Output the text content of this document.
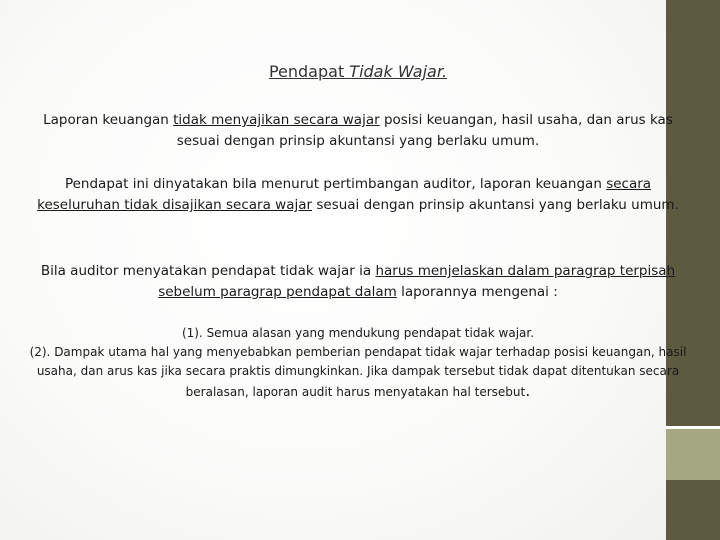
Pendapat Tidak Wajar.

Laporan keuangan tidak menyajikan secara wajar posisi keuangan, hasil usaha, dan arus kas sesuai dengan prinsip akuntansi yang berlaku umum.

Pendapat ini dinyatakan bila menurut pertimbangan auditor, laporan keuangan secara keseluruhan tidak disajikan secara wajar sesuai dengan prinsip akuntansi yang berlaku umum.

Bila auditor menyatakan pendapat tidak wajar ia harus menjelaskan dalam paragrap terpisah sebelum paragrap pendapat dalam laporannya mengenai :

(1). Semua alasan yang mendukung pendapat tidak wajar.
(2). Dampak utama hal yang menyebabkan pemberian pendapat tidak wajar terhadap posisi keuangan, hasil usaha, dan arus kas jika secara praktis dimungkinkan. Jika dampak tersebut tidak dapat ditentukan secara beralasan, laporan audit harus menyatakan hal tersebut.
